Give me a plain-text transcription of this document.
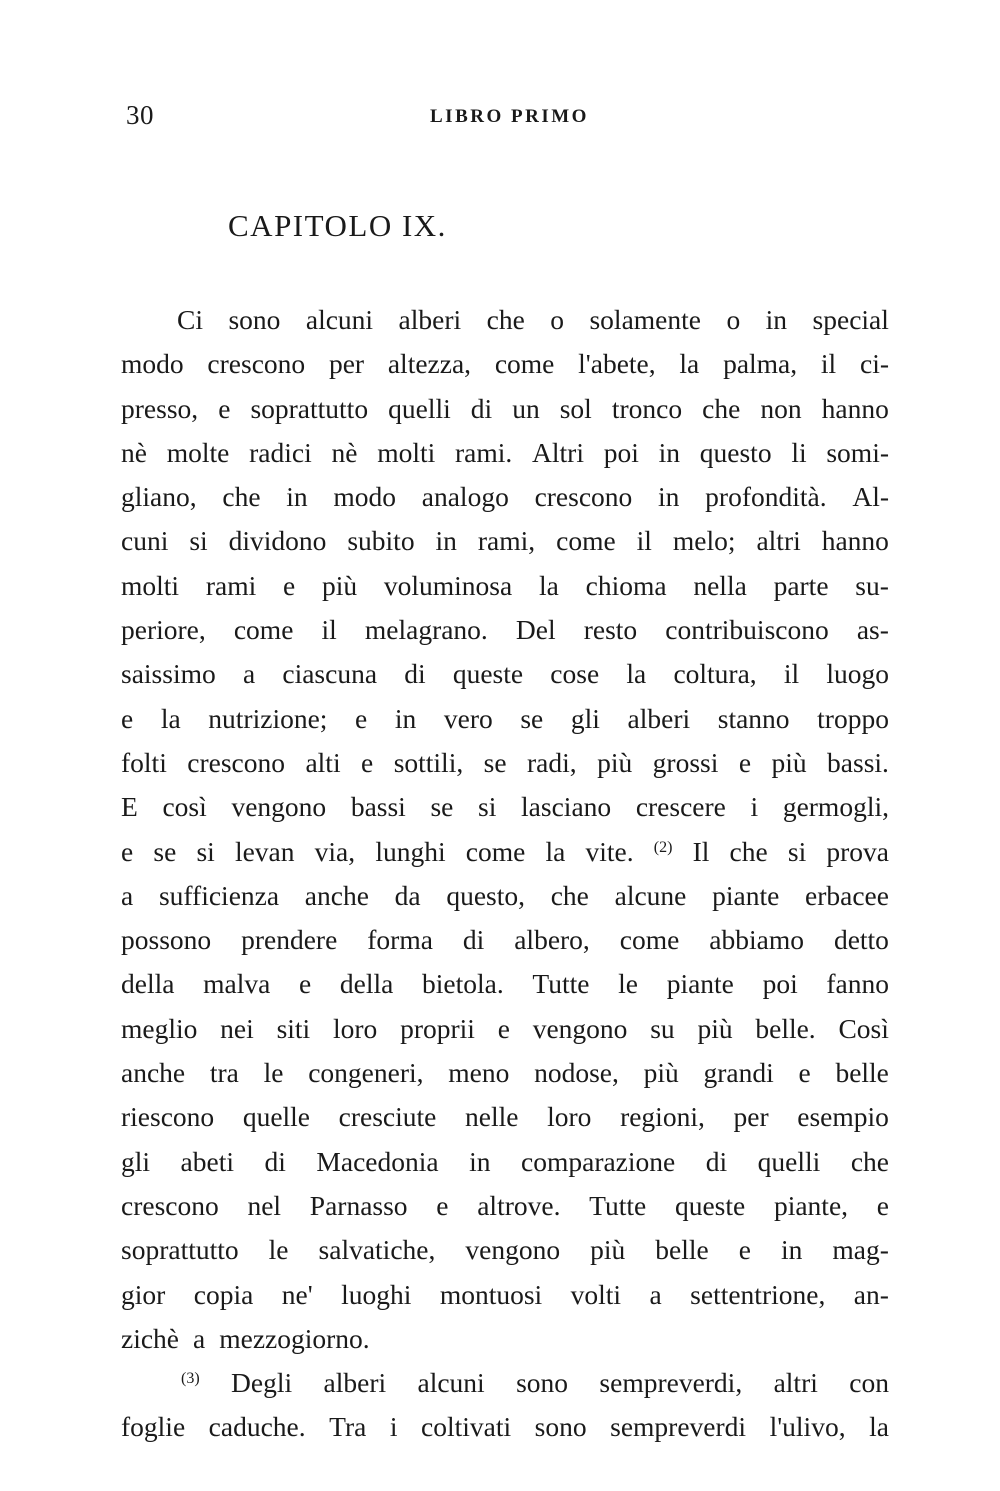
30	LIBRO PRIMO
CAPITOLO IX.
Ci sono alcuni alberi che o solamente o in special
modo crescono per altezza, come l'abete, la palma, il ci-
presso, e soprattutto quelli di un sol tronco che non hanno
nè molte radici nè molti rami. Altri poi in questo li somi-
gliano, che in modo analogo crescono in profondità. Al-
cuni si dividono subito in rami, come il melo; altri hanno
molti rami e più voluminosa la chioma nella parte su-
periore, come il melagrano. Del resto contribuiscono as-
saissimo a ciascuna di queste cose la coltura, il luogo
e la nutrizione; e in vero se gli alberi stanno troppo
folti crescono alti e sottili, se radi, più grossi e più bassi.
E così vengono bassi se si lasciano crescere i germogli,
e se si levan via, lunghi come la vite. $^{(2)}$ Il che si prova
a sufficienza anche da questo, che alcune piante erbacee
possono prendere forma di albero, come abbiamo detto
della malva e della bietola. Tutte le piante poi fanno
meglio nei siti loro proprii e vengono su più belle. Così
anche tra le congeneri, meno nodose, più grandi e belle
riescono quelle cresciute nelle loro regioni, per esempio
gli abeti di Macedonia in comparazione di quelli che
crescono nel Parnasso e altrove. Tutte queste piante, e
soprattutto le salvatiche, vengono più belle e in mag-
gior copia ne' luoghi montuosi volti a settentrione, an-
zichè a mezzogiorno.
$^{(3)}$ Degli alberi alcuni sono sempreverdi, altri con
foglie caduche. Tra i coltivati sono sempreverdi l'ulivo, la
